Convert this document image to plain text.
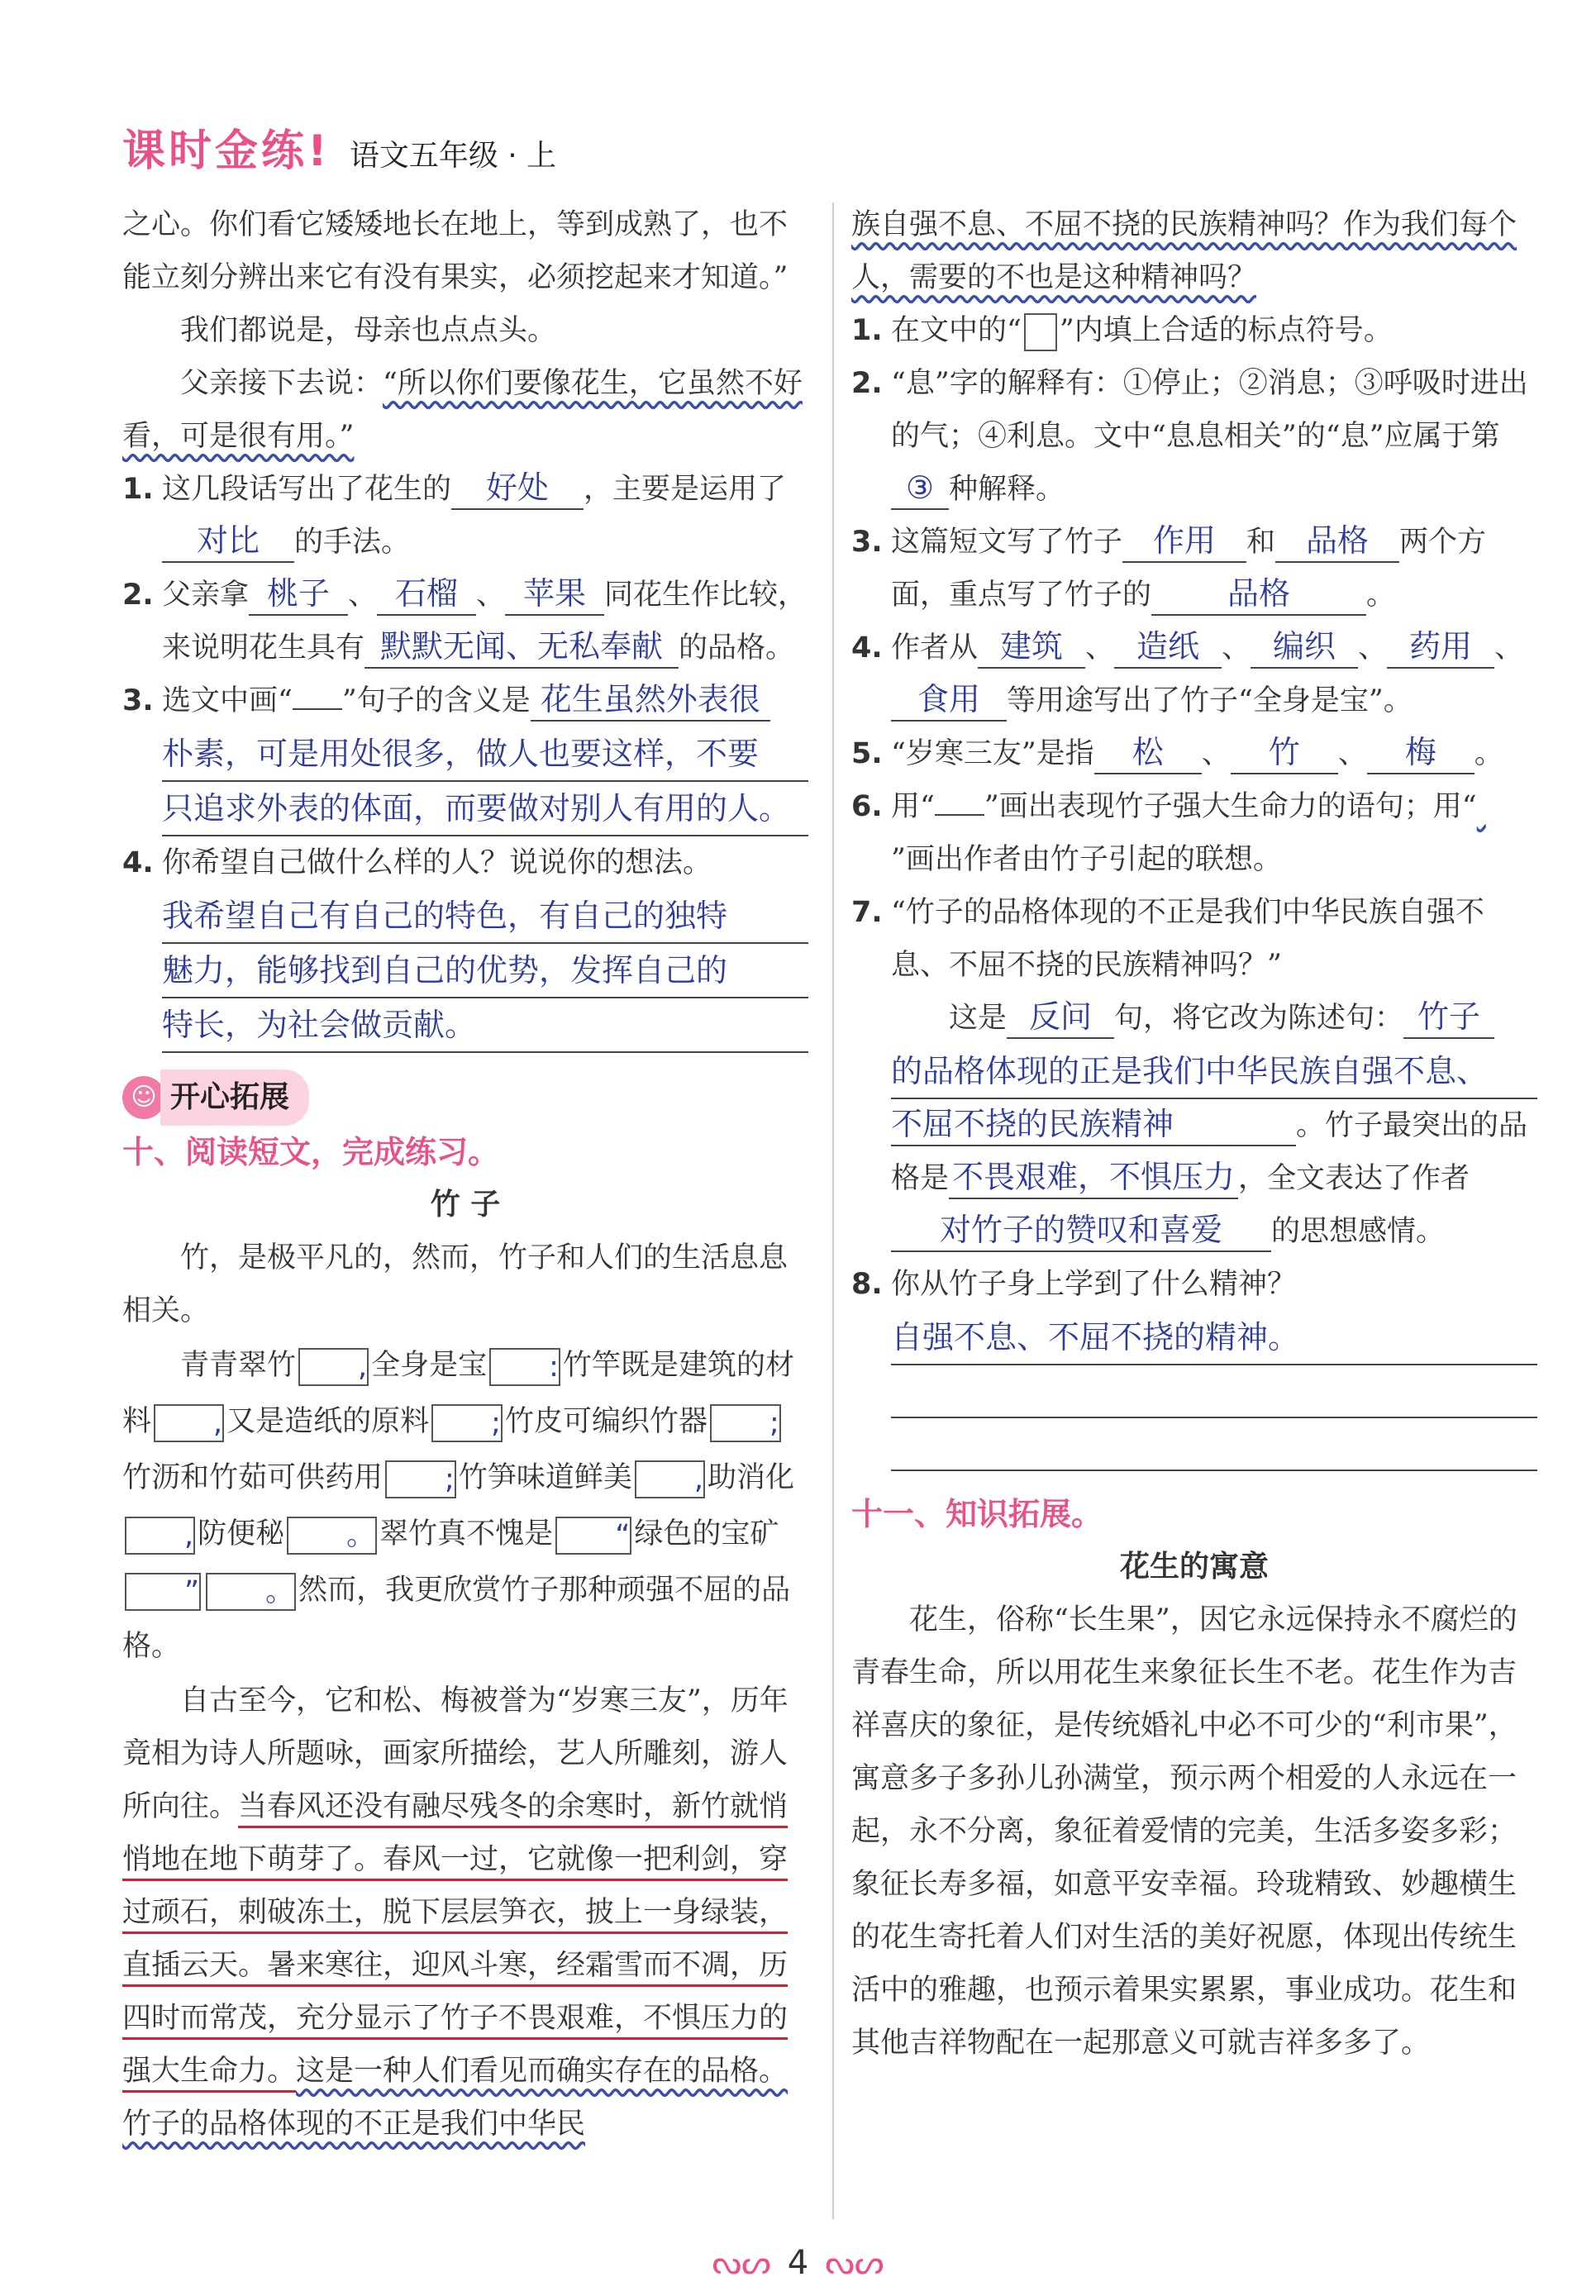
课时金练! 语文五年级 · 上

之心。你们看它矮矮地长在地上，等到成熟了，也不能立刻分辨出来它有没有果实，必须挖起来才知道。”

我们都说是，母亲也点点头。

父亲接下去说：“所以你们要像花生，它虽然不好看，可是很有用。”

1. 这几段话写出了花生的 好处 ，主要是运用了对比 的手法。
2. 父亲拿 桃子 、 石榴 、 苹果 同花生作比较，来说明花生具有 默默无闻、无私奉献 的品格。
3. 选文中画“ ”句子的含义是 花生虽然外表很
朴素，可是用处很多，做人也要这样，不要
只追求外表的体面，而要做对别人有用的人。
4. 你希望自己做什么样的人？说说你的想法。
我希望自己有自己的特色，有自己的独特
魅力，能够找到自己的优势，发挥自己的
特长，为社会做贡献。
☺ 开心拓展

十、阅读短文，完成练习。

竹 子

竹，是极平凡的，然而，竹子和人们的生活息息相关。

青青翠竹 , 全身是宝 : 竹竿既是建筑的材料 , 又是造纸的原料 ; 竹皮可编织竹器 ;竹沥和竹茹可供药用 ; 竹笋味道鲜美 , 助消化, 防便秘 。 翠竹真不愧是 “ 绿色的宝矿” 。 然而，我更欣赏竹子那种顽强不屈的品格。

自古至今，它和松、梅被誉为“岁寒三友”，历年竟相为诗人所题咏，画家所描绘，艺人所雕刻，游人所向往。当春风还没有融尽残冬的余寒时，新竹就悄悄地在地下萌芽了。春风一过，它就像一把利剑，穿过顽石，刺破冻土，脱下层层笋衣，披上一身绿装，直插云天。暑来寒往，迎风斗寒，经霜雪而不凋，历四时而常茂，充分显示了竹子不畏艰难，不惧压力的强大生命力。这是一种人们看见而确实存在的品格。竹子的品格体现的不正是我们中华民

族自强不息、不屈不挠的民族精神吗？作为我们每个人，需要的不也是这种精神吗？

1. 在文中的“ ”内填上合适的标点符号。
2. “息”字的解释有：①停止；②消息；③呼吸时进出的气；④利息。文中“息息相关”的“息”应属于第③ 种解释。
3. 这篇短文写了竹子 作用 和 品格 两个方面，重点写了竹子的 品格	。
4. 作者从 建筑 、 造纸 、 编织 、 药用 、食用 等用途写出了竹子“全身是宝”。
5. “岁寒三友”是指 松 、 竹 、 梅 。
6. 用“ ”画出表现竹子强大生命力的语句；用“ ”画出作者由竹子引起的联想。
7. “竹子的品格体现的不正是我们中华民族自强不息、不屈不挠的民族精神吗？”
这是 反问 句，将它改为陈述句： 竹子
的品格体现的正是我们中华民族自强不息、
不屈不挠的民族精神	。竹子最突出的品格是 不畏艰难，不惧压力 ，全文表达了作者对竹子的赞叹和喜爱 的思想感情。
8. 你从竹子身上学到了什么精神？
自强不息、不屈不挠的精神。

十一、知识拓展。

花生的寓意

花生，俗称“长生果”，因它永远保持永不腐烂的青春生命，所以用花生来象征长生不老。花生作为吉祥喜庆的象征，是传统婚礼中必不可少的“利市果”，寓意多子多孙儿孙满堂，预示两个相爱的人永远在一起，永不分离，象征着爱情的完美，生活多姿多彩；象征长寿多福，如意平安幸福。玲珑精致、妙趣横生的花生寄托着人们对生活的美好祝愿，体现出传统生活中的雅趣，也预示着果实累累，事业成功。花生和其他吉祥物配在一起那意义可就吉祥多多了。

ᔓᔕ 4 ᔓᔕ
